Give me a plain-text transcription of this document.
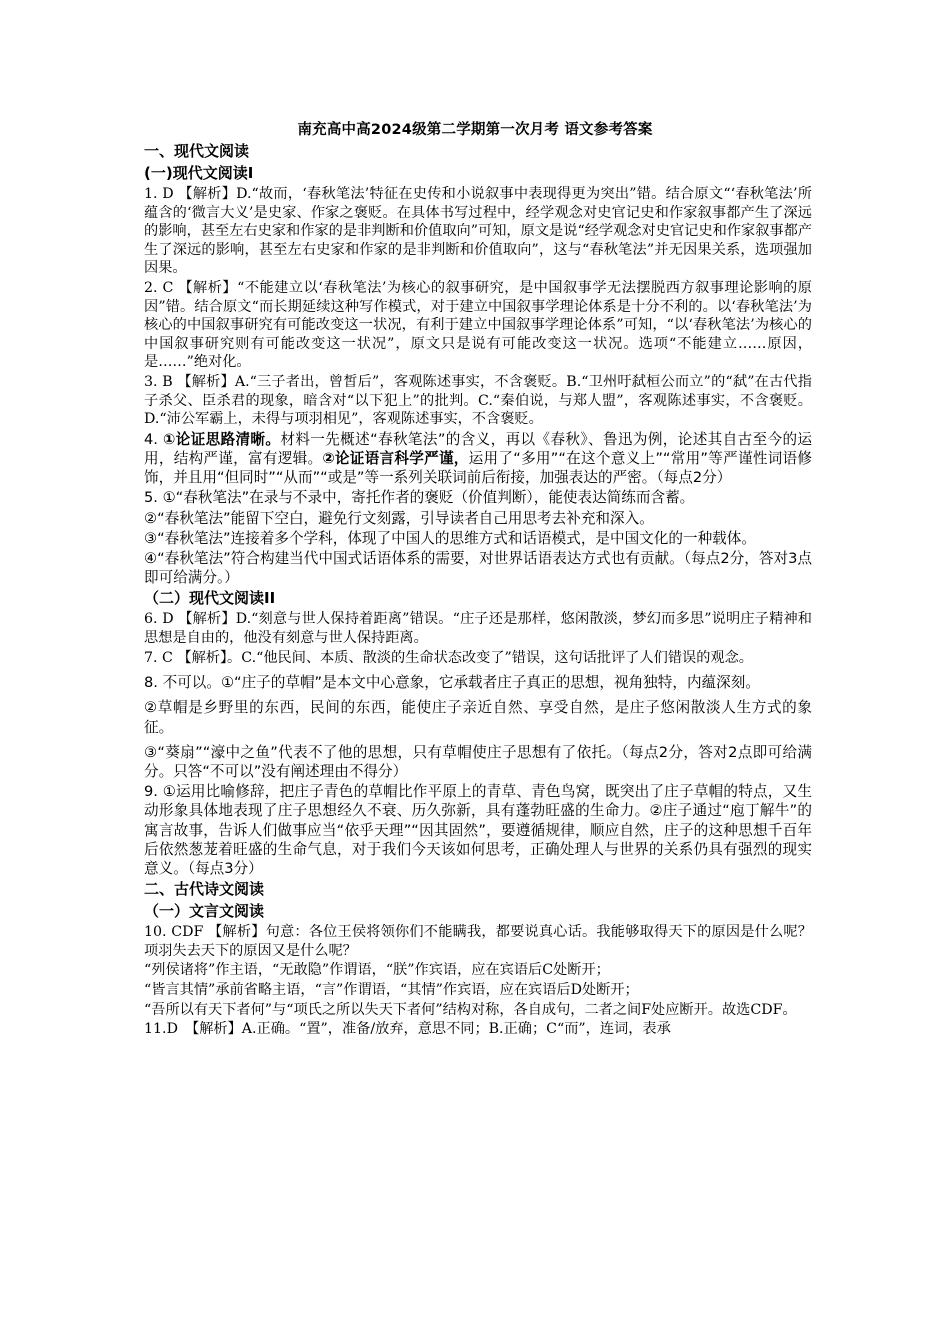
南充高中高2024级第二学期第一次月考 语文参考答案
一、现代文阅读
(一)现代文阅读Ⅰ
1. D 【解析】D.“故而，‘春秋笔法’特征在史传和小说叙事中表现得更为突出”错。结合原文“‘春秋笔法’所蕴含的‘微言大义’是史家、作家之褒贬。在具体书写过程中，经学观念对史官记史和作家叙事都产生了深远的影响，甚至左右史家和作家的是非判断和价值取向”可知，原文是说“经学观念对史官记史和作家叙事都产生了深远的影响，甚至左右史家和作家的是非判断和价值取向”，这与“春秋笔法”并无因果关系，选项强加因果。
2. C 【解析】“不能建立以‘春秋笔法’为核心的叙事研究，是中国叙事学无法摆脱西方叙事理论影响的原因”错。结合原文“而长期延续这种写作模式，对于建立中国叙事学理论体系是十分不利的。以‘春秋笔法’为核心的中国叙事研究有可能改变这一状况，有利于建立中国叙事学理论体系”可知，“以‘春秋笔法’为核心的中国叙事研究则有可能改变这一状况”，原文只是说有可能改变这一状况。选项“不能建立……原因，是……”绝对化。
3. B 【解析】A.“三子者出，曾皙后”，客观陈述事实，不含褒贬。B.“卫州吁弑桓公而立”的“弑”在古代指子杀父、臣杀君的现象，暗含对“以下犯上”的批判。C.“秦伯说，与郑人盟”，客观陈述事实，不含褒贬。D.“沛公军霸上，未得与项羽相见”，客观陈述事实，不含褒贬。
4. ①论证思路清晰。材料一先概述“春秋笔法”的含义，再以《春秋》、鲁迅为例，论述其自古至今的运用，结构严谨，富有逻辑。②论证语言科学严谨，运用了“多用”“在这个意义上”“常用”等严谨性词语修饰，并且用“但同时”“从而”“或是”等一系列关联词前后衔接，加强表达的严密。（每点2分）
5. ①“春秋笔法”在录与不录中，寄托作者的褒贬（价值判断），能使表达简练而含蓄。
②“春秋笔法”能留下空白，避免行文刻露，引导读者自己用思考去补充和深入。
③“春秋笔法”连接着多个学科，体现了中国人的思维方式和话语模式，是中国文化的一种载体。
④“春秋笔法”符合构建当代中国式话语体系的需要，对世界话语表达方式也有贡献。（每点2分，答对3点即可给满分。）
（二）现代文阅读II
6. D 【解析】D.“刻意与世人保持着距离”错误。“庄子还是那样，悠闲散淡，梦幻而多思”说明庄子精神和思想是自由的，他没有刻意与世人保持距离。
7. C 【解析】。C.“他民间、本质、散淡的生命状态改变了”错误，这句话批评了人们错误的观念。
8. 不可以。①“庄子的草帽”是本文中心意象，它承载者庄子真正的思想，视角独特，内蕴深刻。
②草帽是乡野里的东西，民间的东西，能使庄子亲近自然、享受自然，是庄子悠闲散淡人生方式的象征。
③“葵扇”“濠中之鱼”代表不了他的思想，只有草帽使庄子思想有了依托。（每点2分，答对2点即可给满分。只答“不可以”没有阐述理由不得分）
9. ①运用比喻修辞，把庄子青色的草帽比作平原上的青草、青色鸟窝，既突出了庄子草帽的特点，又生动形象具体地表现了庄子思想经久不衰、历久弥新，具有蓬勃旺盛的生命力。②庄子通过“庖丁解牛”的寓言故事，告诉人们做事应当“依乎天理”“因其固然”，要遵循规律，顺应自然，庄子的这种思想千百年后依然葱茏着旺盛的生命气息，对于我们今天该如何思考，正确处理人与世界的关系仍具有强烈的现实意义。（每点3分）
二、古代诗文阅读
（一）文言文阅读
10. CDF 【解析】句意：各位王侯将领你们不能瞒我，都要说真心话。我能够取得天下的原因是什么呢？项羽失去天下的原因又是什么呢？
“列侯诸将”作主语，“无敢隐”作谓语，“朕”作宾语，应在宾语后C处断开；
“皆言其情”承前省略主语，“言”作谓语，“其情”作宾语，应在宾语后D处断开；
“吾所以有天下者何”与“项氏之所以失天下者何”结构对称，各自成句，二者之间F处应断开。故选CDF。
11.D　【解析】A.正确。“置”，准备/放弃，意思不同；B.正确；C“而”，连词，表承
